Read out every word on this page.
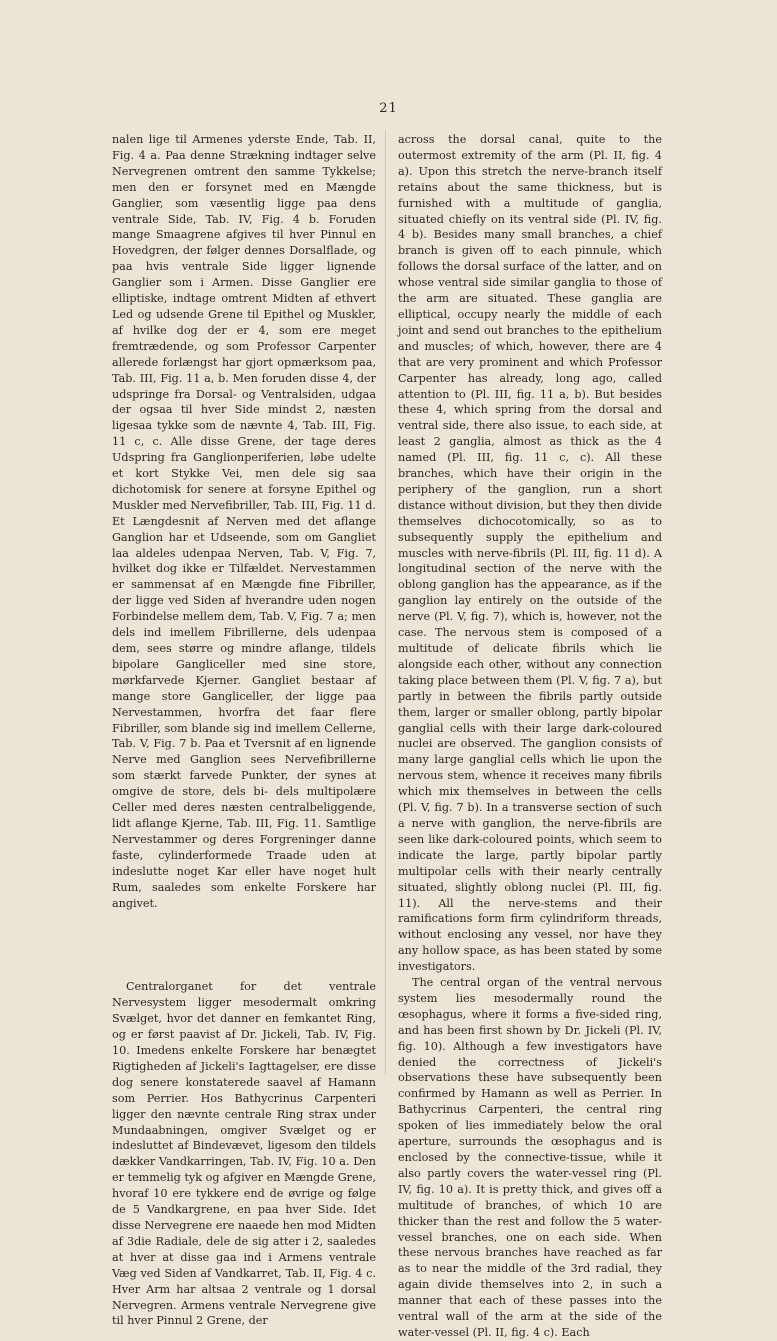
21

nalen lige til Armenes yderste Ende, Tab. II, Fig. 4 a. Paa denne Strækning indtager selve Nervegrenen omtrent den samme Tykkelse; men den er forsynet med en Mængde Ganglier, som væsentlig ligge paa dens ventrale Side, Tab. IV, Fig. 4 b. Foruden mange Smaagrene afgives til hver Pinnul en Hovedgren, der følger dennes Dorsalflade, og paa hvis ventrale Side ligger lignende Ganglier som i Armen. Disse Ganglier ere elliptiske, indtage omtrent Midten af ethvert Led og udsende Grene til Epithel og Muskler, af hvilke dog der er 4, som ere meget fremtrædende, og som Professor Carpenter allerede forlængst har gjort opmærksom paa, Tab. III, Fig. 11 a, b. Men foruden disse 4, der udspringe fra Dorsal- og Ventralsiden, udgaa der ogsaa til hver Side mindst 2, næsten ligesaa tykke som de nævnte 4, Tab. III, Fig. 11 c, c. Alle disse Grene, der tage deres Udspring fra Ganglionperiferien, løbe udelte et kort Stykke Vei, men dele sig saa dichotomisk for senere at forsyne Epithel og Muskler med Nervefibriller, Tab. III, Fig. 11 d. Et Længdesnit af Nerven med det aflange Ganglion har et Udseende, som om Gangliet laa aldeles udenpaa Nerven, Tab. V, Fig. 7, hvilket dog ikke er Tilfældet. Nervestammen er sammensat af en Mængde fine Fibriller, der ligge ved Siden af hverandre uden nogen Forbindelse mellem dem, Tab. V, Fig. 7 a; men dels ind imellem Fibrillerne, dels udenpaa dem, sees større og mindre aflange, tildels bipolare Gangliceller med sine store, mørkfarvede Kjerner. Gangliet bestaar af mange store Gangliceller, der ligge paa Nervestammen, hvorfra det faar flere Fibriller, som blande sig ind imellem Cellerne, Tab. V, Fig. 7 b. Paa et Tversnit af en lignende Nerve med Ganglion sees Nervefibrillerne som stærkt farvede Punkter, der synes at omgive de store, dels bi- dels multipolære Celler med deres næsten centralbeliggende, lidt aflange Kjerne, Tab. III, Fig. 11. Samtlige Nervestammer og deres Forgreninger danne faste, cylinderformede Traade uden at indeslutte noget Kar eller have noget hult Rum, saaledes som enkelte Forskere har angivet.

Centralorganet for det ventrale Nervesystem ligger mesodermalt omkring Svælget, hvor det danner en femkantet Ring, og er først paavist af Dr. Jickeli, Tab. IV, Fig. 10. Imedens enkelte Forskere har benægtet Rigtigheden af Jickeli's Iagttagelser, ere disse dog senere konstaterede saavel af Hamann som Perrier. Hos Bathycrinus Carpenteri ligger den nævnte centrale Ring strax under Mundaabningen, omgiver Svælget og er indesluttet af Bindevævet, ligesom den tildels dækker Vandkarringen, Tab. IV, Fig. 10 a. Den er temmelig tyk og afgiver en Mængde Grene, hvoraf 10 ere tykkere end de øvrige og følge de 5 Vandkargrene, en paa hver Side. Idet disse Nervegrene ere naaede hen mod Midten af 3die Radiale, dele de sig atter i 2, saaledes at hver at disse gaa ind i Armens ventrale Væg ved Siden af Vandkarret, Tab. II, Fig. 4 c. Hver Arm har altsaa 2 ventrale og 1 dorsal Nervegren. Armens ventrale Nervegrene give til hver Pinnul 2 Grene, der

across the dorsal canal, quite to the outermost extremity of the arm (Pl. II, fig. 4 a). Upon this stretch the nerve-branch itself retains about the same thickness, but is furnished with a multitude of ganglia, situated chiefly on its ventral side (Pl. IV, fig. 4 b). Besides many small branches, a chief branch is given off to each pinnule, which follows the dorsal surface of the latter, and on whose ventral side similar ganglia to those of the arm are situated. These ganglia are elliptical, occupy nearly the middle of each joint and send out branches to the epithelium and muscles; of which, however, there are 4 that are very prominent and which Professor Carpenter has already, long ago, called attention to (Pl. III, fig. 11 a, b). But besides these 4, which spring from the dorsal and ventral side, there also issue, to each side, at least 2 ganglia, almost as thick as the 4 named (Pl. III, fig. 11 c, c). All these branches, which have their origin in the periphery of the ganglion, run a short distance without division, but they then divide themselves dichocotomically, so as to subsequently supply the epithelium and muscles with nerve-fibrils (Pl. III, fig. 11 d). A longitudinal section of the nerve with the oblong ganglion has the appearance, as if the ganglion lay entirely on the outside of the nerve (Pl. V, fig. 7), which is, however, not the case. The nervous stem is composed of a multitude of delicate fibrils which lie alongside each other, without any connection taking place between them (Pl. V, fig. 7 a), but partly in between the fibrils partly outside them, larger or smaller oblong, partly bipolar ganglial cells with their large dark-coloured nuclei are observed. The ganglion consists of many large ganglial cells which lie upon the nervous stem, whence it receives many fibrils which mix themselves in between the cells (Pl. V, fig. 7 b). In a transverse section of such a nerve with ganglion, the nerve-fibrils are seen like dark-coloured points, which seem to indicate the large, partly bipolar partly multipolar cells with their nearly centrally situated, slightly oblong nuclei (Pl. III, fig. 11). All the nerve-stems and their ramifications form firm cylindriform threads, without enclosing any vessel, nor have they any hollow space, as has been stated by some investigators.

The central organ of the ventral nervous system lies mesodermally round the œsophagus, where it forms a five-sided ring, and has been first shown by Dr. Jickeli (Pl. IV, fig. 10). Although a few investigators have denied the correctness of Jickeli's observations these have subsequently been confirmed by Hamann as well as Perrier. In Bathycrinus Carpenteri, the central ring spoken of lies immediately below the oral aperture, surrounds the œsophagus and is enclosed by the connective-tissue, while it also partly covers the water-vessel ring (Pl. IV, fig. 10 a). It is pretty thick, and gives off a multitude of branches, of which 10 are thicker than the rest and follow the 5 water-vessel branches, one on each side. When these nervous branches have reached as far as to near the middle of the 3rd radial, they again divide themselves into 2, in such a manner that each of these passes into the ventral wall of the arm at the side of the water-vessel (Pl. II, fig. 4 c). Each
